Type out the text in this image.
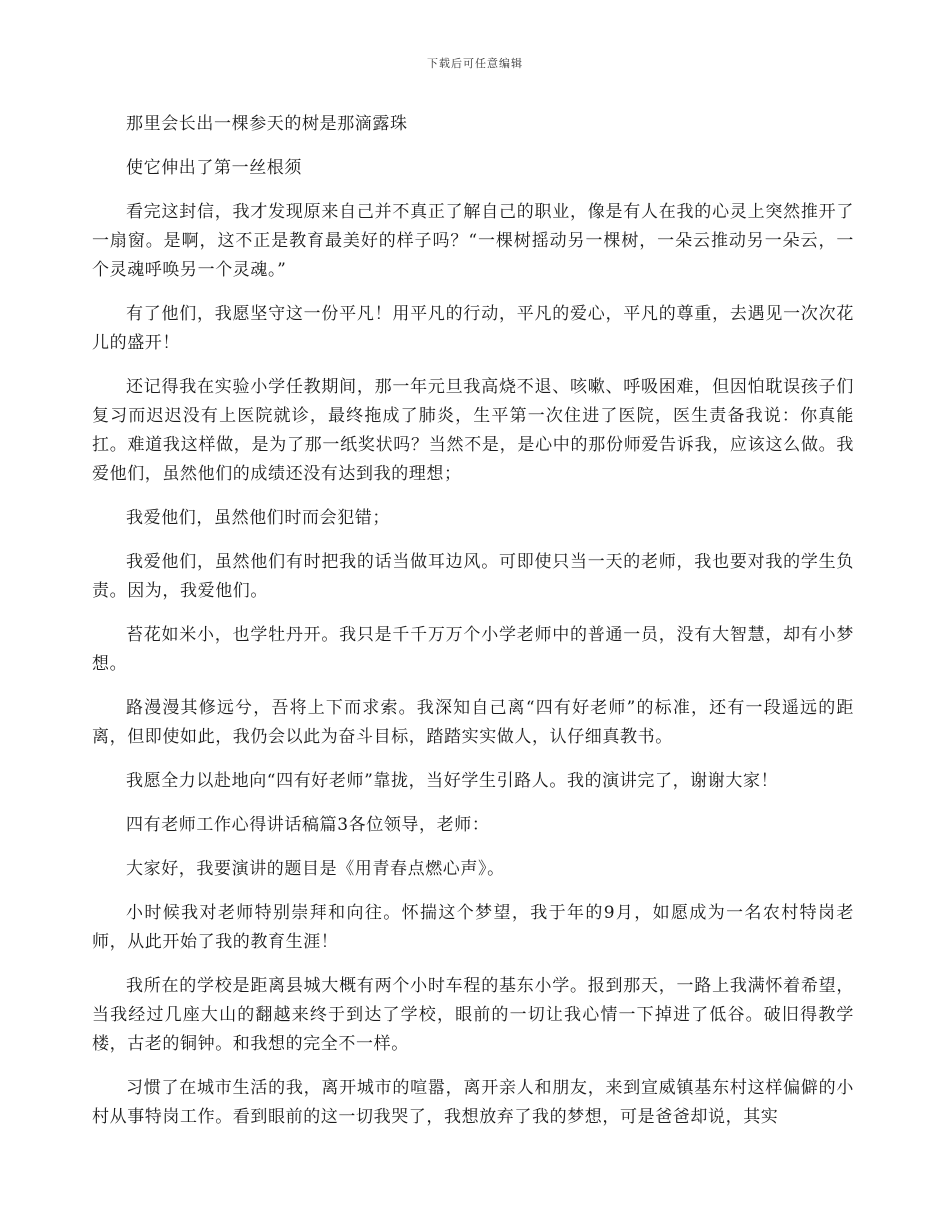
下载后可任意编辑

那里会长出一棵参天的树是那滴露珠

使它伸出了第一丝根须

看完这封信，我才发现原来自己并不真正了解自己的职业，像是有人在我的心灵上突然推开了一扇窗。是啊，这不正是教育最美好的样子吗？“一棵树摇动另一棵树，一朵云推动另一朵云，一个灵魂呼唤另一个灵魂。”

有了他们，我愿坚守这一份平凡！用平凡的行动，平凡的爱心，平凡的尊重，去遇见一次次花儿的盛开！

还记得我在实验小学任教期间，那一年元旦我高烧不退、咳嗽、呼吸困难，但因怕耽误孩子们复习而迟迟没有上医院就诊，最终拖成了肺炎，生平第一次住进了医院，医生责备我说：你真能扛。难道我这样做，是为了那一纸奖状吗？当然不是，是心中的那份师爱告诉我，应该这么做。我爱他们，虽然他们的成绩还没有达到我的理想；

我爱他们，虽然他们时而会犯错；

我爱他们，虽然他们有时把我的话当做耳边风。可即使只当一天的老师，我也要对我的学生负责。因为，我爱他们。

苔花如米小，也学牡丹开。我只是千千万万个小学老师中的普通一员，没有大智慧，却有小梦想。

路漫漫其修远兮，吾将上下而求索。我深知自己离“四有好老师”的标准，还有一段遥远的距离，但即使如此，我仍会以此为奋斗目标，踏踏实实做人，认仔细真教书。

我愿全力以赴地向“四有好老师”靠拢，当好学生引路人。我的演讲完了，谢谢大家！

四有老师工作心得讲话稿篇3各位领导，老师：

大家好，我要演讲的题目是《用青春点燃心声》。

小时候我对老师特别崇拜和向往。怀揣这个梦望，我于年的9月，如愿成为一名农村特岗老师，从此开始了我的教育生涯！

我所在的学校是距离县城大概有两个小时车程的基东小学。报到那天，一路上我满怀着希望，当我经过几座大山的翻越来终于到达了学校，眼前的一切让我心情一下掉进了低谷。破旧得教学楼，古老的铜钟。和我想的完全不一样。

习惯了在城市生活的我，离开城市的喧嚣，离开亲人和朋友，来到宣威镇基东村这样偏僻的小村从事特岗工作。看到眼前的这一切我哭了，我想放弃了我的梦想，可是爸爸却说，其实
